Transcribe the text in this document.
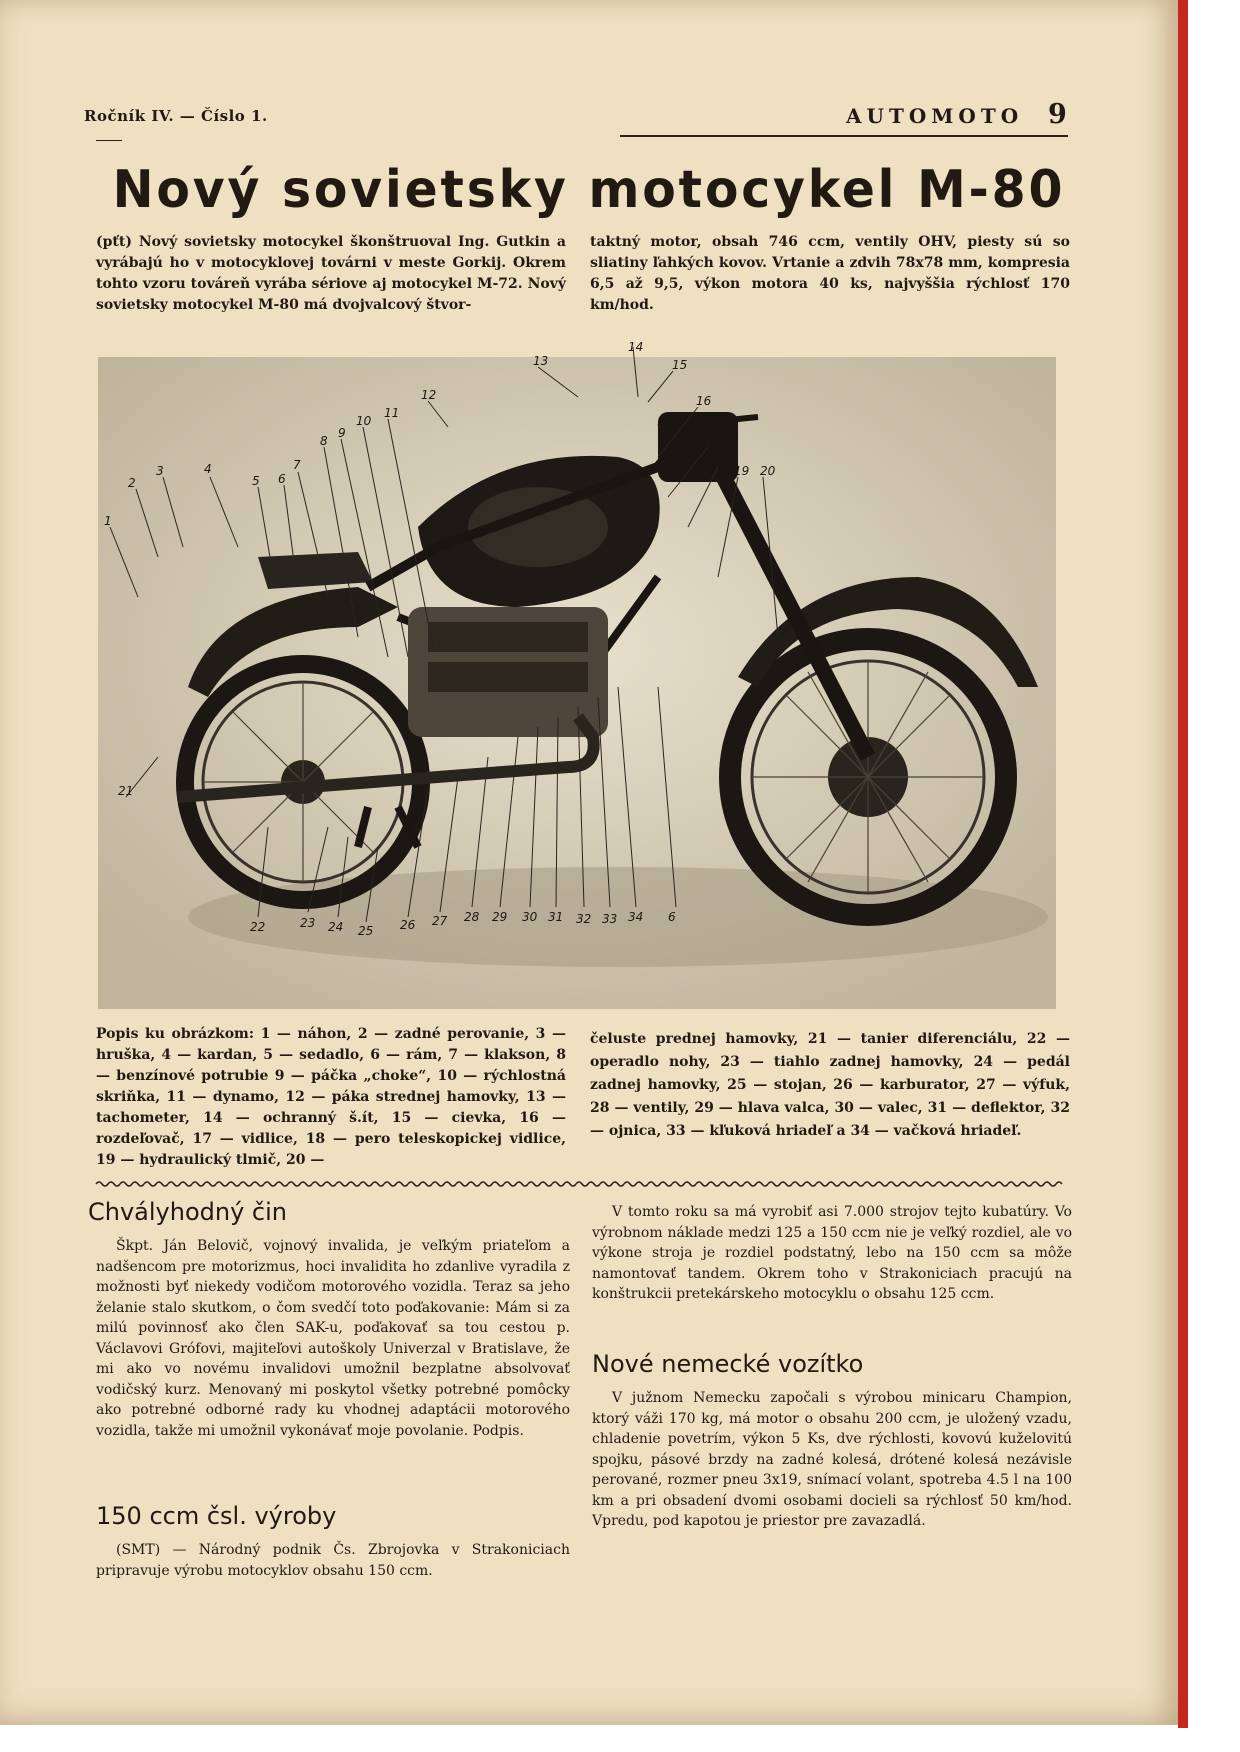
Ročník IV. — Číslo 1.	AUTOMOTO 9
Nový sovietsky motocykel M-80
(pťt) Nový sovietsky motocykel škonštruoval Ing. Gutkin a vyrábajú ho v motocyklovej továrni v meste Gorkij. Okrem tohto vzoru továreň vyrába sériove aj motocykel M-72. Nový sovietsky motocykel M-80 má dvojvalcový štvor-
taktný motor, obsah 746 ccm, ventily OHV, piesty sú so sliatiny ľahkých kovov. Vrtanie a zdvih 78x78 mm, kompresia 6,5 až 9,5, výkon motora 40 ks, najvyššia rýchlosť 170 km/hod.
1
2
3	4
5 6
7
8
9
10
11
12
13
14
15
16
17
18
19 20
21
22	23 24 25 26 27 28 29 30 31 32 33 34 6
Popis ku obrázkom: 1 — náhon, 2 — zadné perovanie, 3 — hruška, 4 — kardan, 5 — sedadlo, 6 — rám, 7 — klakson, 8 — benzínové potrubie 9 — páčka „choke“, 10 — rýchlostná skriňka, 11 — dynamo, 12 — páka strednej hamovky, 13 — tachometer, 14 — ochranný š.ít, 15 — cievka, 16 — rozdeľovač, 17 — vidlice, 18 — pero teleskopickej vidlice, 19 — hydraulický tlmič, 20 —
čeluste prednej hamovky, 21 — tanier diferenciálu, 22 — operadlo nohy, 23 — tiahlo zadnej hamovky, 24 — pedál zadnej hamovky, 25 — stojan, 26 — karburator, 27 — výfuk, 28 — ventily, 29 — hlava valca, 30 — valec, 31 — deflektor, 32 — ojnica, 33 — kľuková hriadeľ a 34 — vačková hriadeľ.
Chvályhodný čin
Škpt. Ján Belovič, vojnový invalida, je veľkým priateľom a nadšencom pre motorizmus, hoci invalidita ho zdanlive vyradila z možnosti byť niekedy vodičom motorového vozidla. Teraz sa jeho želanie stalo skutkom, o čom svedčí toto poďakovanie: Mám si za milú povinnosť ako člen SAK-u, poďakovať sa tou cestou p. Václavovi Grófovi, majiteľovi autoškoly Univerzal v Bratislave, že mi ako vo novému invalidovi umožnil bezplatne absolvovať vodičský kurz. Menovaný mi poskytol všetky potrebné pomôcky ako potrebné odborné rady ku vhodnej adaptácii motorového vozidla, takže mi umožnil vykonávať moje povolanie. Podpis.
150 ccm čsl. výroby
(SMT) — Národný podnik Čs. Zbrojovka v Strakoniciach pripravuje výrobu motocyklov obsahu 150 ccm.
V tomto roku sa má vyrobiť asi 7.000 strojov tejto kubatúry. Vo výrobnom náklade medzi 125 a 150 ccm nie je veľký rozdiel, ale vo výkone stroja je rozdiel podstatný, lebo na 150 ccm sa môže namontovať tandem. Okrem toho v Strakoniciach pracujú na konštrukcii pretekárskeho motocyklu o obsahu 125 ccm.
Nové nemecké vozítko
V južnom Nemecku započali s výrobou minicaru Champion, ktorý váži 170 kg, má motor o obsahu 200 ccm, je uložený vzadu, chladenie povetrím, výkon 5 Ks, dve rýchlosti, kovovú kuželovitú spojku, pásové brzdy na zadné kolesá, drótené kolesá nezávisle perované, rozmer pneu 3x19, snímací volant, spotreba 4.5 l na 100 km a pri obsadení dvomi osobami docieli sa rýchlosť 50 km/hod. Vpredu, pod kapotou je priestor pre zavazadlá.
